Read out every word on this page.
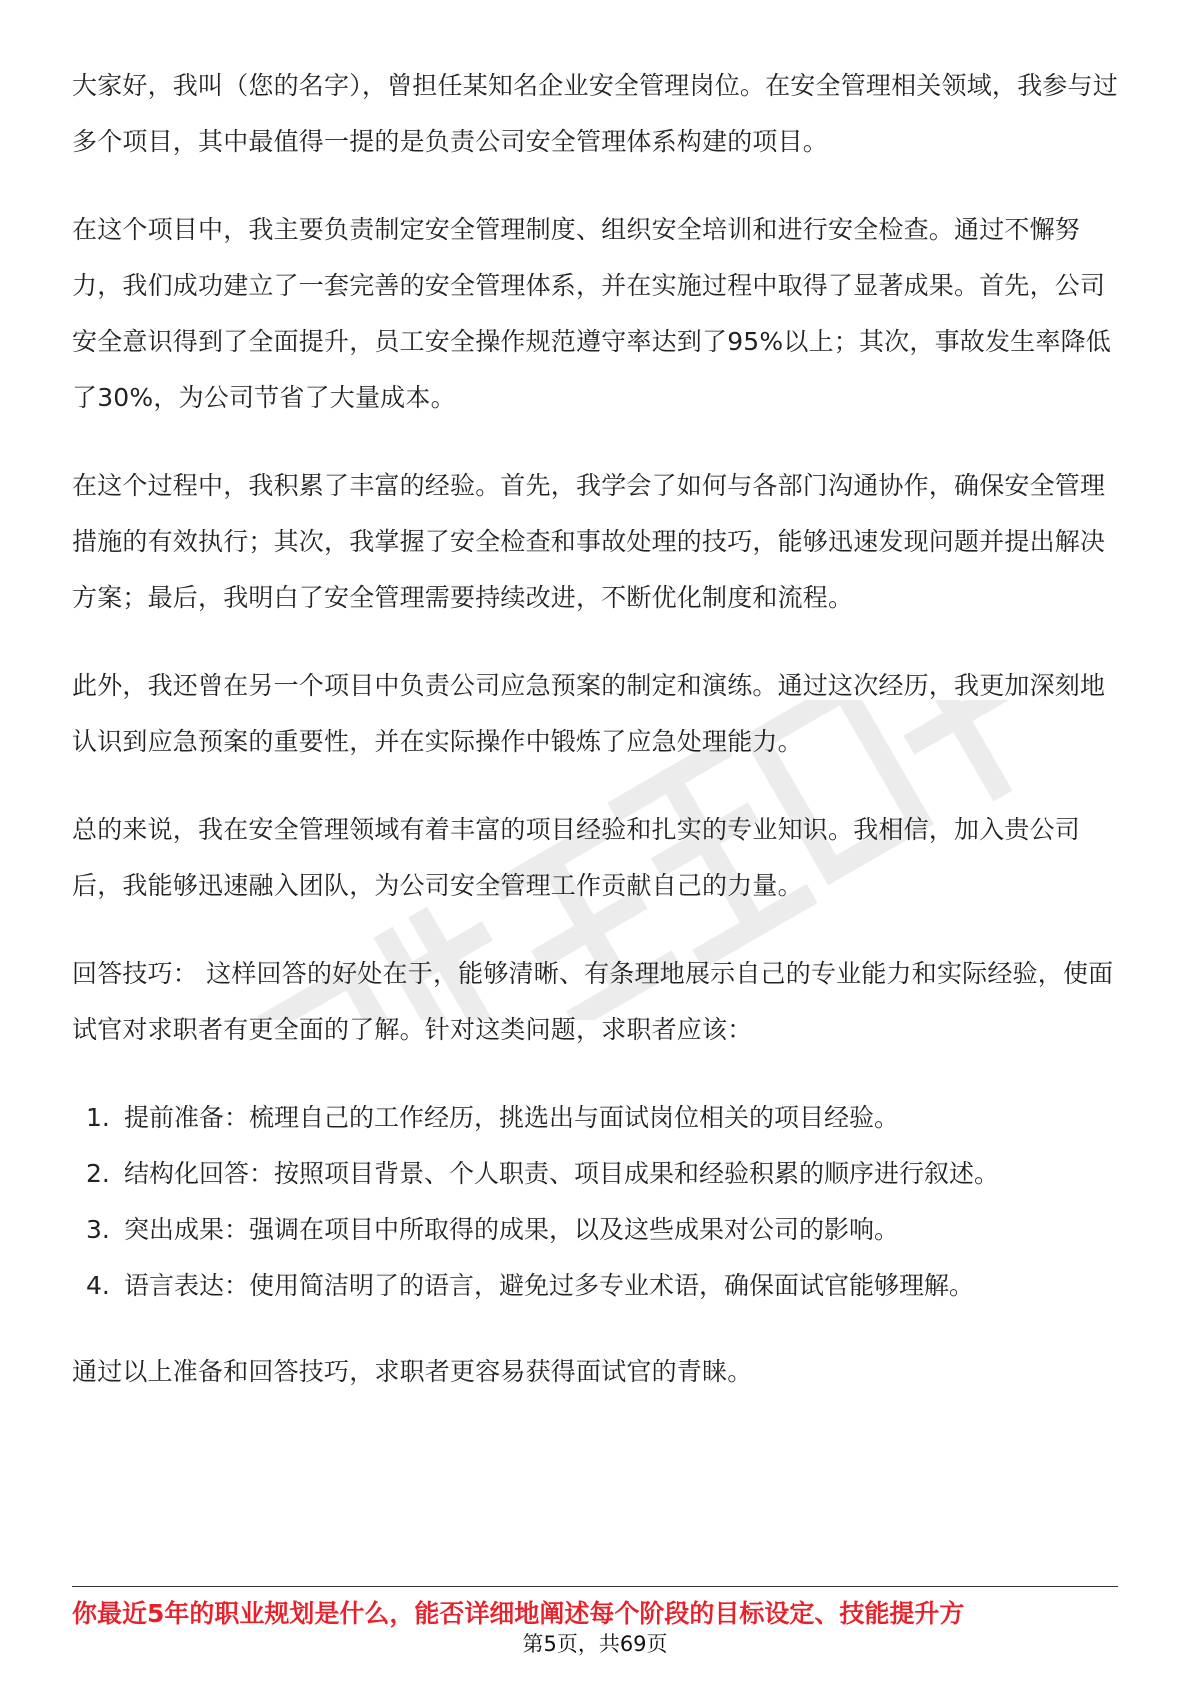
大家好，我叫（您的名字），曾担任某知名企业安全管理岗位。在安全管理相关领域，我参与过多个项目，其中最值得一提的是负责公司安全管理体系构建的项目。

在这个项目中，我主要负责制定安全管理制度、组织安全培训和进行安全检查。通过不懈努力，我们成功建立了一套完善的安全管理体系，并在实施过程中取得了显著成果。首先，公司安全意识得到了全面提升，员工安全操作规范遵守率达到了95%以上；其次，事故发生率降低了30%，为公司节省了大量成本。

在这个过程中，我积累了丰富的经验。首先，我学会了如何与各部门沟通协作，确保安全管理措施的有效执行；其次，我掌握了安全检查和事故处理的技巧，能够迅速发现问题并提出解决方案；最后，我明白了安全管理需要持续改进，不断优化制度和流程。

此外，我还曾在另一个项目中负责公司应急预案的制定和演练。通过这次经历，我更加深刻地认识到应急预案的重要性，并在实际操作中锻炼了应急处理能力。

总的来说，我在安全管理领域有着丰富的项目经验和扎实的专业知识。我相信，加入贵公司后，我能够迅速融入团队，为公司安全管理工作贡献自己的力量。

回答技巧： 这样回答的好处在于，能够清晰、有条理地展示自己的专业能力和实际经验，使面试官对求职者有更全面的了解。针对这类问题，求职者应该：

1. 提前准备：梳理自己的工作经历，挑选出与面试岗位相关的项目经验。
2. 结构化回答：按照项目背景、个人职责、项目成果和经验积累的顺序进行叙述。
3. 突出成果：强调在项目中所取得的成果，以及这些成果对公司的影响。
4. 语言表达：使用简洁明了的语言，避免过多专业术语，确保面试官能够理解。

通过以上准备和回答技巧，求职者更容易获得面试官的青睐。

你最近5年的职业规划是什么，能否详细地阐述每个阶段的目标设定、技能提升方
第5页，共69页
